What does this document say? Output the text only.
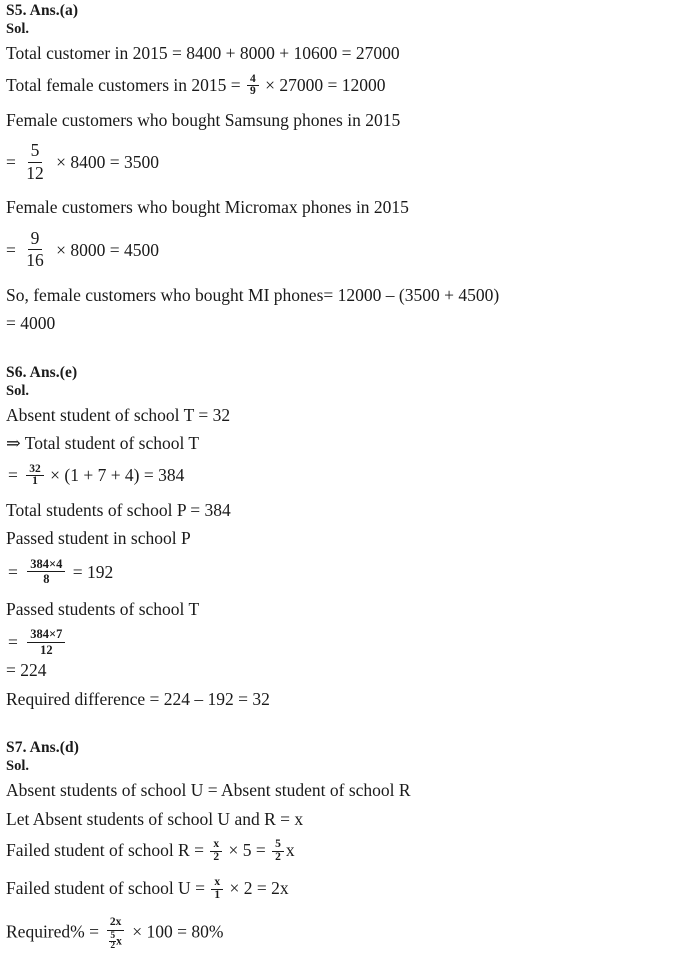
S5. Ans.(a)
Sol.
Total customer in 2015 = 8400 + 8000 + 10600 = 27000
Total female customers in $2015 = \frac{4}{9} \times 27000 = 12000$
Female customers who bought Samsung phones in 2015
= $\frac{5}{12} \times 8400 = 3500$
Female customers who bought Micromax phones in 2015
= $\frac{9}{16} \times 8000 = 4500$
So, female customers who bought MI phones= 12000 – (3500 + 4500)
= 4000
S6. Ans.(e)
Sol.
Absent student of school T = 32
⇒ Total student of school T
= $\frac{32}{1} \times (1 + 7 + 4) = 384$
Total students of school P = 384
Passed student in school P
= $\frac{384\times 4}{8} = 192$
Passed students of school T
= $\frac{384\times 7}{12}$
= 224
Required difference = 224 – 192 = 32
S7. Ans.(d)
Sol.
Absent students of school U = Absent student of school R
Let Absent students of school U and R = x
Failed student of school $R = \frac{x}{2} \times 5 = \frac{5}{2}$ x
Failed student of school $U = \frac{x}{1} \times 2 = 2x$
Required% = $\frac{2x}{\frac{5}{2} x} \times 100 = 80\%$
